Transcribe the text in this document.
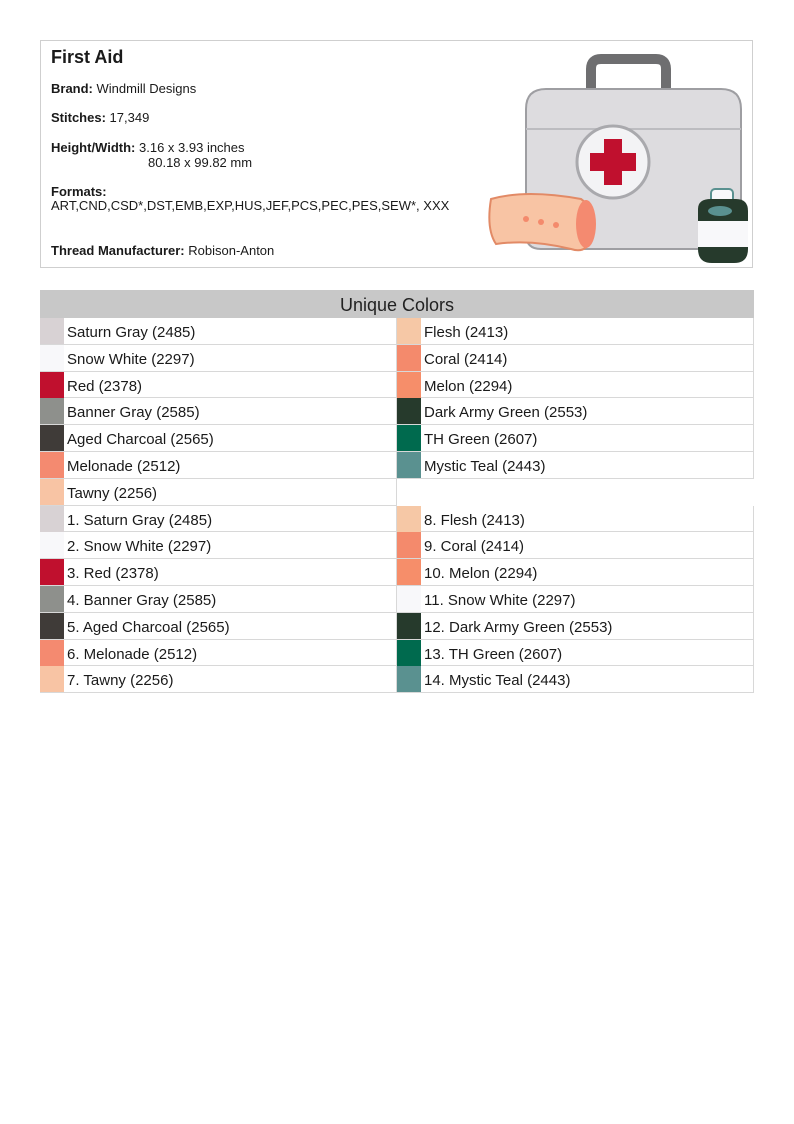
First Aid
Brand: Windmill Designs
Stitches: 17,349
Height/Width: 3.16 x 3.93 inches
80.18 x 99.82 mm
Formats:
ART,CND,CSD*,DST,EMB,EXP,HUS,JEF,PCS,PEC,PES,SEW*, XXX
Thread Manufacturer: Robison-Anton
Unique Colors
Saturn Gray (2485)	Flesh (2413)
Snow White (2297)	Coral (2414)
Red (2378)	Melon (2294)
Banner Gray (2585)	Dark Army Green (2553)
Aged Charcoal (2565)	TH Green (2607)
Melonade (2512)	Mystic Teal (2443)
Tawny (2256)
1. Saturn Gray (2485)	8. Flesh (2413)
2. Snow White (2297)	9. Coral (2414)
3. Red (2378)	10. Melon (2294)
4. Banner Gray (2585)	11. Snow White (2297)
5. Aged Charcoal (2565)	12. Dark Army Green (2553)
6. Melonade (2512)	13. TH Green (2607)
7. Tawny (2256)	14. Mystic Teal (2443)
